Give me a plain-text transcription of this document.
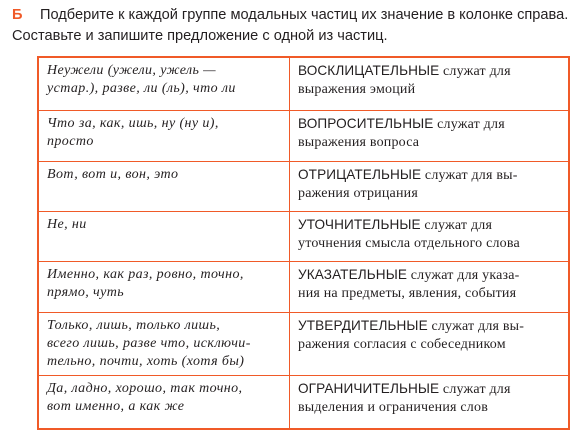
Б Подберите к каждой группе модальных частиц их значение в колонке справа.
Составьте и запишите предложение с одной из частиц.
Неужели (ужели, ужель —
устар.), разве, ли (ль), что ли	ВОСКЛИЦАТЕЛЬНЫЕ служат для
выражения эмоций
Что за, как, ишь, ну (ну и),
просто	ВОПРОСИТЕЛЬНЫЕ служат для
выражения вопроса
Вот, вот и, вон, это	ОТРИЦАТЕЛЬНЫЕ служат для вы-
ражения отрицания
Не, ни	УТОЧНИТЕЛЬНЫЕ служат для
уточнения смысла отдельного слова
Именно, как раз, ровно, точно,
прямо, чуть	УКАЗАТЕЛЬНЫЕ служат для указа-
ния на предметы, явления, события
Только, лишь, только лишь,
всего лишь, разве что, исключи-
тельно, почти, хоть (хотя бы)	УТВЕРДИТЕЛЬНЫЕ служат для вы-
ражения согласия с собеседником
Да, ладно, хорошо, так точно,
вот именно, а как же	ОГРАНИЧИТЕЛЬНЫЕ служат для
выделения и ограничения слов
